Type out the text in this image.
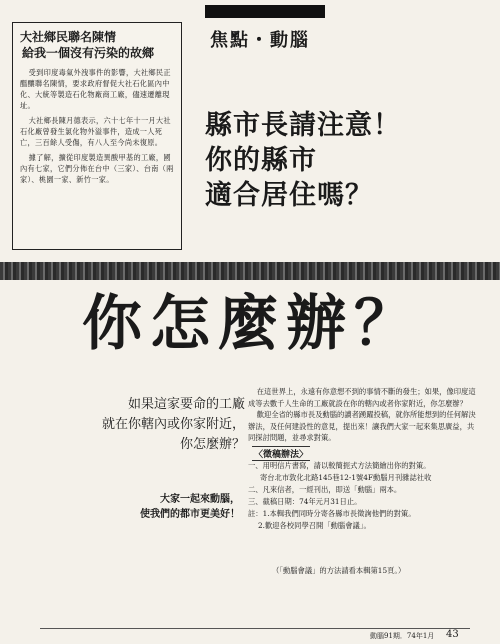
大社鄉民聯名陳情
給我一個沒有污染的故鄉

受到印度毒氣外洩事件的影響，大社鄉民正醞釀聯名陳情，要求政府督促大社石化區內中化、大統等製造石化物廠商工廠，儘速遷離現址。

大社鄉長陳月德表示，六十七年十一月大社石化廠曾發生氯化物外溢事件，造成一人死亡，三百餘人受傷，有八人至今尚未復原。

據了解，擴從印度製造異酸甲基的工廠，國內有七家，它們分佈在台中（三家）、台南（兩家）、桃園一家、新竹一家。

焦點・動腦
縣市長請注意！
你的縣市
適合居住嗎？
你怎麼辦？
如果這家要命的工廠
就在你轄內或你家附近，
你怎麼辦？
大家一起來動腦，
使我們的都市更美好！

在這世界上，永遠有你意想不到的事情不斷的發生；如果，像印度這成等去數千人生命的工廠就設在你的轄內或者你家附近，你怎麼辦？

歡迎全省的縣市長及動腦的讀者踴躍投稿，就你所能想到的任何解決辦法，及任何建設性的意見，提出來！讓我們大家一起來集思廣益，共同探討問題，並尋求對策。

〈徵稿辦法〉
一、用明信片書寫，請以較簡扼式方法簡繪出你的對策。
寄台北市敦化北路145巷12-1號4F動腦月刊雜誌社收
二、凡來信者，一經刊出，即送「動腦」兩本。
三、截稿日期：74年元月31日止。
註：1.本輯我們同時分寄各縣市長徵詢他們的對策。
2.歡迎各校同學召開「動腦會議」。
（「動腦會議」的方法請看本輯第15頁。）
動腦91期．74年1月 43
